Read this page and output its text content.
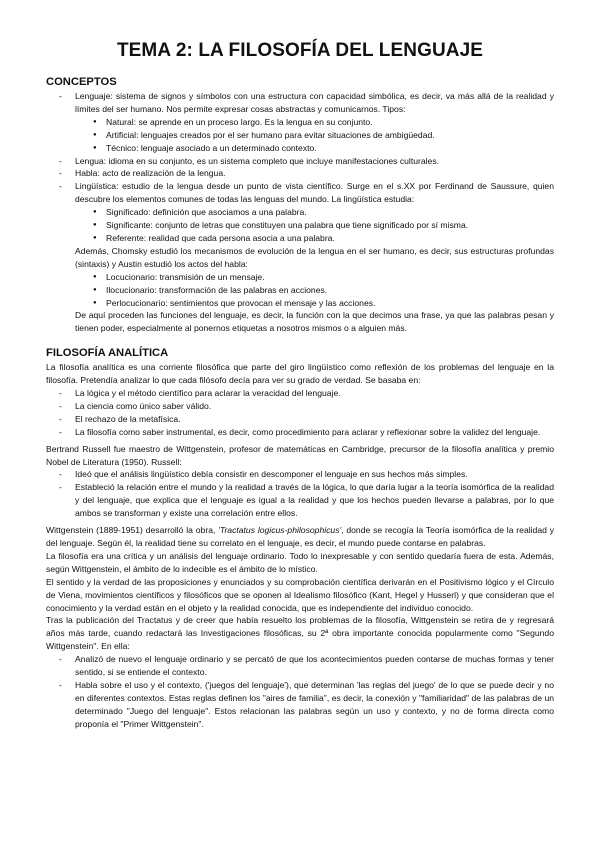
TEMA 2: LA FILOSOFÍA DEL LENGUAJE
CONCEPTOS
- Lenguaje: sistema de signos y símbolos con una estructura con capacidad simbólica, es decir, va más allá de la realidad y límites del ser humano. Nos permite expresar cosas abstractas y comunicarnos. Tipos:
● Natural: se aprende en un proceso largo. Es la lengua en su conjunto.
● Artificial: lenguajes creados por el ser humano para evitar situaciones de ambigüedad.
● Técnico: lenguaje asociado a un determinado contexto.
- Lengua: idioma en su conjunto, es un sistema completo que incluye manifestaciones culturales.
- Habla: acto de realización de la lengua.
- Lingüística: estudio de la lengua desde un punto de vista científico. Surge en el s.XX por Ferdinand de Saussure, quien descubre los elementos comunes de todas las lenguas del mundo. La lingüística estudia:
● Significado: definición que asociamos a una palabra.
● Significante: conjunto de letras que constituyen una palabra que tiene significado por sí misma.
● Referente: realidad que cada persona asocia a una palabra.

Además, Chomsky estudió los mecanismos de evolución de la lengua en el ser humano, es decir, sus estructuras profundas (sintaxis) y Austin estudió los actos del habla:

● Locucionario: transmisión de un mensaje.
● Ilocucionario: transformación de las palabras en acciones.
● Perlocucionario: sentimientos que provocan el mensaje y las acciones.

De aquí proceden las funciones del lenguaje, es decir, la función con la que decimos una frase, ya que las palabras pesan y tienen poder, especialmente al ponernos etiquetas a nosotros mismos o a alguien más.

FILOSOFÍA ANALÍTICA

La filosofía analítica es una corriente filosófica que parte del giro lingüístico como reflexión de los problemas del lenguaje en la filosofía. Pretendía analizar lo que cada filósofo decía para ver su grado de verdad. Se basaba en:

- La lógica y el método científico para aclarar la veracidad del lenguaje.
- La ciencia como único saber válido.
- El rechazo de la metafísica.
- La filosofía como saber instrumental, es decir, como procedimiento para aclarar y reflexionar sobre la validez del lenguaje.

Bertrand Russell fue maestro de Wittgenstein, profesor de matemáticas en Cambridge, precursor de la filosofía analítica y premio Nobel de Literatura (1950). Russell:

- Ideó que el análisis lingüístico debía consistir en descomponer el lenguaje en sus hechos más simples.
- Estableció la relación entre el mundo y la realidad a través de la lógica, lo que daría lugar a la teoría isomórfica de la realidad y del lenguaje, que explica que el lenguaje es igual a la realidad y que los hechos pueden llevarse a palabras, por lo que ambos se transforman y existe una correlación entre ellos.

Wittgenstein (1889-1951) desarrolló la obra, 'Tractatus logicus-philosophicus', donde se recogía la Teoría isomórfica de la realidad y del lenguaje. Según él, la realidad tiene su correlato en el lenguaje, es decir, el mundo puede contarse en palabras.

La filosofía era una crítica y un análisis del lenguaje ordinario. Todo lo inexpresable y con sentido quedaría fuera de esta. Además, según Wittgenstein, el ámbito de lo indecible es el ámbito de lo místico.

El sentido y la verdad de las proposiciones y enunciados y su comprobación científica derivarán en el Positivismo lógico y el Círculo de Viena, movimientos científicos y filosóficos que se oponen al Idealismo filosófico (Kant, Hegel y Husserl) y que consideran que el conocimiento y la verdad están en el objeto y la realidad conocida, que es independiente del individuo conocido.

Tras la publicación del Tractatus y de creer que había resuelto los problemas de la filosofía, Wittgenstein se retira de y regresará años más tarde, cuando redactará las Investigaciones filosóficas, su 2ª obra importante conocida popularmente como "Segundo Wittgenstein". En ella:

- Analizó de nuevo el lenguaje ordinario y se percató de que los acontecimientos pueden contarse de muchas formas y tener sentido, si se entiende el contexto.
- Habla sobre el uso y el contexto, ('juegos del lenguaje'), que determinan 'las reglas del juego' de lo que se puede decir y no en diferentes contextos. Estas reglas definen los "aires de familia", es decir, la conexión y "familiaridad" de las palabras de un determinado "Juego del lenguaje". Estos relacionan las palabras según un uso y contexto, y no de forma directa como proponía el "Primer Wittgenstein".
